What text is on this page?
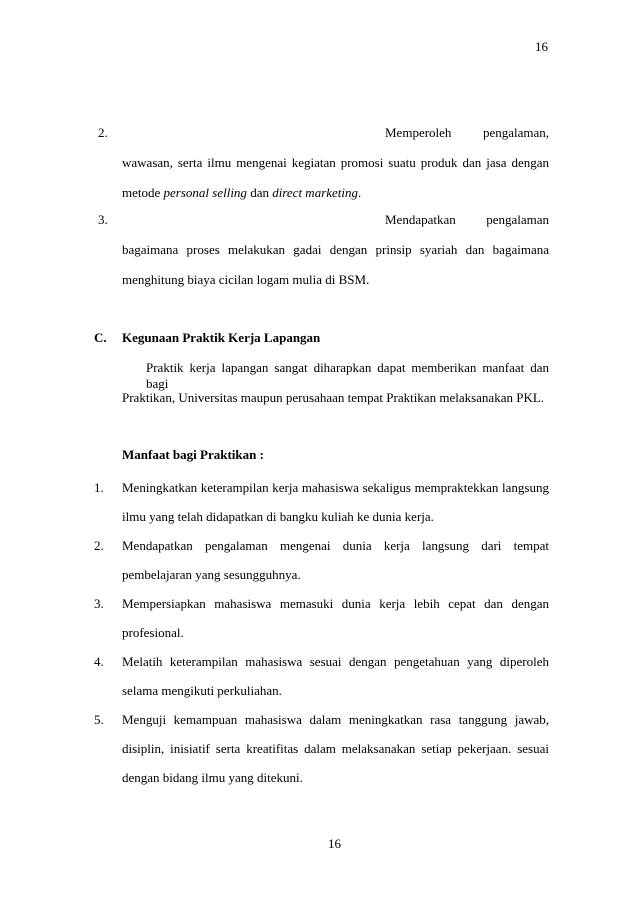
16
2.	Memperoleh pengalaman,
wawasan, serta ilmu mengenai kegiatan promosi suatu produk dan jasa dengan
metode personal selling dan direct marketing.
3.	Mendapatkan pengalaman
bagaimana proses melakukan gadai dengan prinsip syariah dan bagaimana
menghitung biaya cicilan logam mulia di BSM.
C. Kegunaan Praktik Kerja Lapangan
Praktik kerja lapangan sangat diharapkan dapat memberikan manfaat dan bagi
Praktikan, Universitas maupun perusahaan tempat Praktikan melaksanakan PKL.
Manfaat bagi Praktikan :
1. Meningkatkan keterampilan kerja mahasiswa sekaligus mempraktekkan langsung
ilmu yang telah didapatkan di bangku kuliah ke dunia kerja.
2. Mendapatkan pengalaman mengenai dunia kerja langsung dari tempat
pembelajaran yang sesungguhnya.
3. Mempersiapkan mahasiswa memasuki dunia kerja lebih cepat dan dengan
profesional.
4. Melatih keterampilan mahasiswa sesuai dengan pengetahuan yang diperoleh
selama mengikuti perkuliahan.
5. Menguji kemampuan mahasiswa dalam meningkatkan rasa tanggung jawab,
disiplin, inisiatif serta kreatifitas dalam melaksanakan setiap pekerjaan. sesuai
dengan bidang ilmu yang ditekuni.
16
